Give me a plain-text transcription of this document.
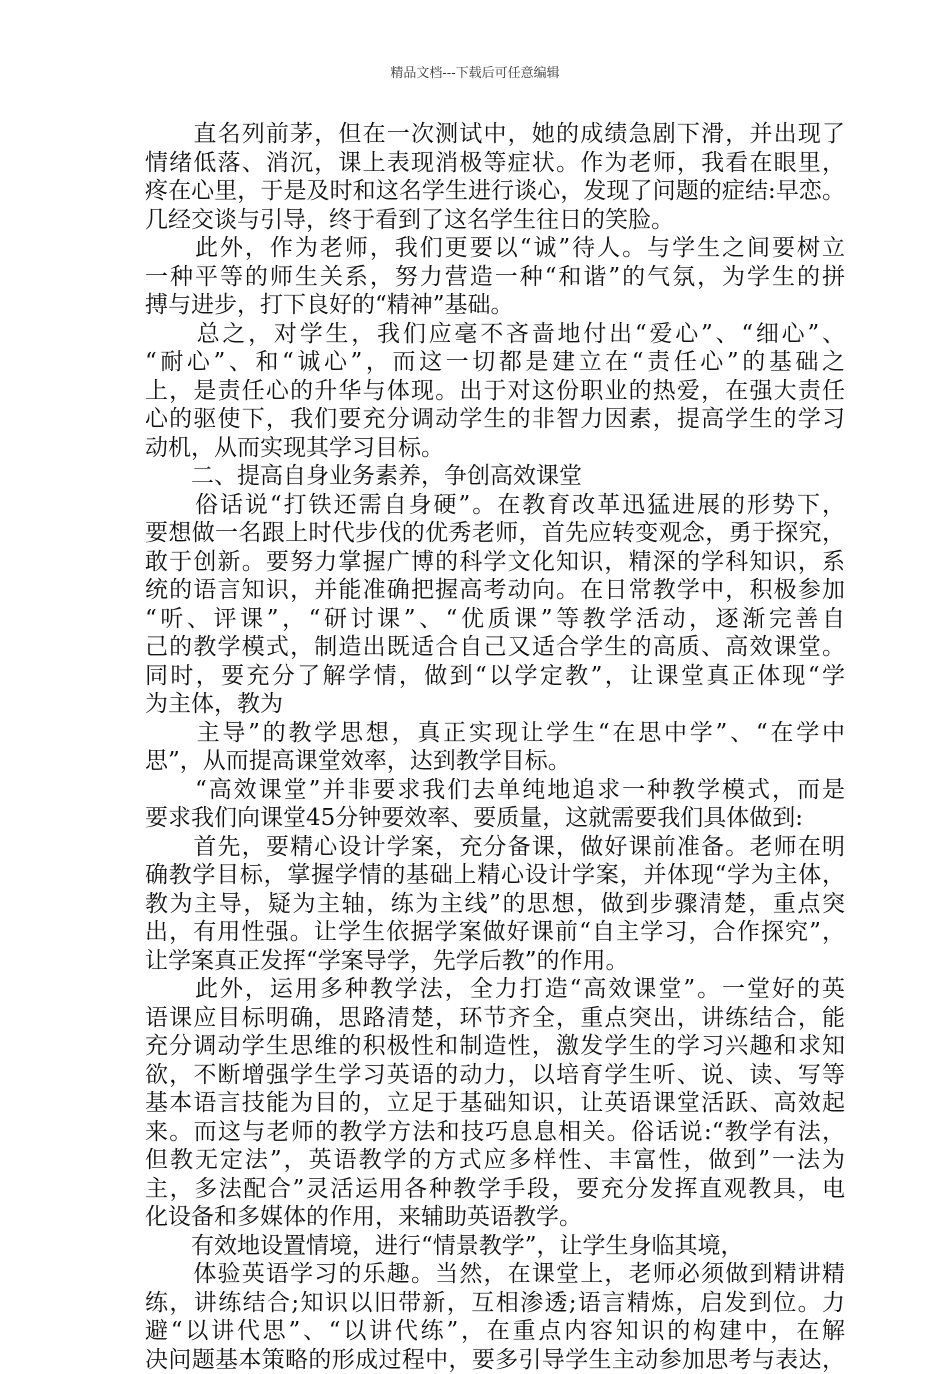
精品文档---下载后可任意编辑
　　直名列前茅，但在一次测试中，她的成绩急剧下滑，并出现了
情绪低落、消沉，课上表现消极等症状。作为老师，我看在眼里，
疼在心里，于是及时和这名学生进行谈心，发现了问题的症结:早恋。
几经交谈与引导，终于看到了这名学生往日的笑脸。
　　此外，作为老师，我们更要以“诚”待人。与学生之间要树立
一种平等的师生关系，努力营造一种“和谐”的气氛，为学生的拼
搏与进步，打下良好的“精神”基础。
　　总之，对学生，我们应毫不吝啬地付出“爱心”、“细心”、
“耐心”、和“诚心”，而这一切都是建立在“责任心”的基础之
上，是责任心的升华与体现。出于对这份职业的热爱，在强大责任
心的驱使下，我们要充分调动学生的非智力因素，提高学生的学习
动机，从而实现其学习目标。
　　二、提高自身业务素养，争创高效课堂
　　俗话说“打铁还需自身硬”。在教育改革迅猛进展的形势下，
要想做一名跟上时代步伐的优秀老师，首先应转变观念，勇于探究，
敢于创新。要努力掌握广博的科学文化知识，精深的学科知识，系
统的语言知识，并能准确把握高考动向。在日常教学中，积极参加
“听、评课”，“研讨课”、“优质课”等教学活动，逐渐完善自
己的教学模式，制造出既适合自己又适合学生的高质、高效课堂。
同时，要充分了解学情，做到“以学定教”，让课堂真正体现“学
为主体，教为
　　主导”的教学思想，真正实现让学生“在思中学”、“在学中
思”，从而提高课堂效率，达到教学目标。
　　“高效课堂”并非要求我们去单纯地追求一种教学模式，而是
要求我们向课堂45分钟要效率、要质量，这就需要我们具体做到:
　　首先，要精心设计学案，充分备课，做好课前准备。老师在明
确教学目标，掌握学情的基础上精心设计学案，并体现“学为主体，
教为主导，疑为主轴，练为主线”的思想，做到步骤清楚，重点突
出，有用性强。让学生依据学案做好课前“自主学习，合作探究”，
让学案真正发挥“学案导学，先学后教”的作用。
　　此外，运用多种教学法，全力打造“高效课堂”。一堂好的英
语课应目标明确，思路清楚，环节齐全，重点突出，讲练结合，能
充分调动学生思维的积极性和制造性，激发学生的学习兴趣和求知
欲，不断增强学生学习英语的动力，以培育学生听、说、读、写等
基本语言技能为目的，立足于基础知识，让英语课堂活跃、高效起
来。而这与老师的教学方法和技巧息息相关。俗话说:“教学有法，
但教无定法”，英语教学的方式应多样性、丰富性，做到”一法为
主，多法配合”灵活运用各种教学手段，要充分发挥直观教具，电
化设备和多媒体的作用，来辅助英语教学。
　　有效地设置情境，进行“情景教学”，让学生身临其境，
　　体验英语学习的乐趣。当然，在课堂上，老师必须做到精讲精
练，讲练结合;知识以旧带新，互相渗透;语言精炼，启发到位。力
避“以讲代思”、“以讲代练”，在重点内容知识的构建中，在解
决问题基本策略的形成过程中，要多引导学生主动参加思考与表达，
